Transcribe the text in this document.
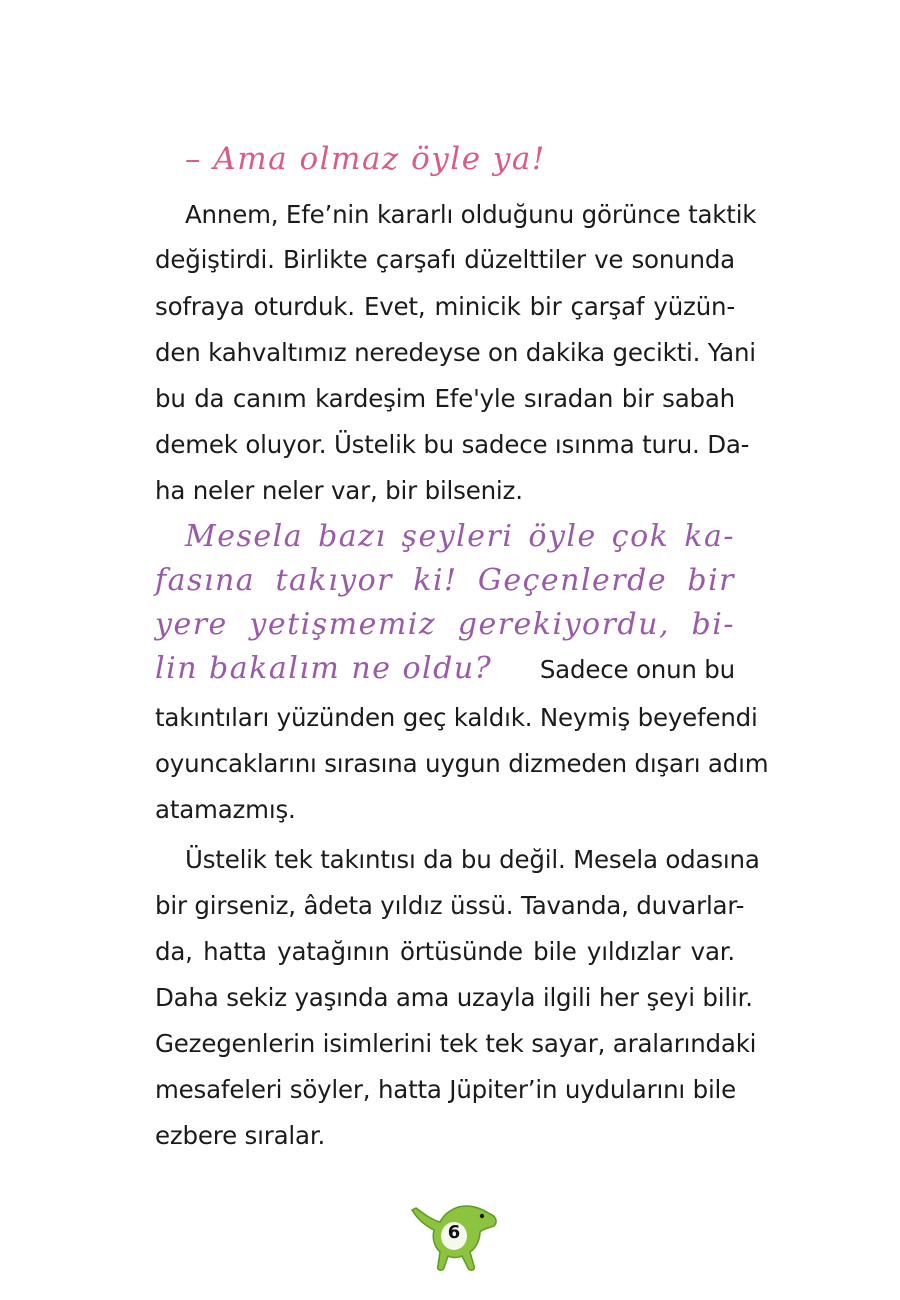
– Ama olmaz öyle ya!
Annem, Efe’nin kararlı olduğunu görünce taktik
değiştirdi. Birlikte çarşafı düzelttiler ve sonunda
sofraya oturduk. Evet, minicik bir çarşaf yüzün-
den kahvaltımız neredeyse on dakika gecikti. Yani
bu da canım kardeşim Efe'yle sıradan bir sabah
demek oluyor. Üstelik bu sadece ısınma turu. Da-
ha neler neler var, bir bilseniz.
Mesela bazı şeyleri öyle çok ka-
fasına takıyor ki! Geçenlerde bir
yere yetişmemiz gerekiyordu, bi-
lin bakalım ne oldu? Sadece onun bu
takıntıları yüzünden geç kaldık. Neymiş beyefendi
oyuncaklarını sırasına uygun dizmeden dışarı adım
atamazmış.
Üstelik tek takıntısı da bu değil. Mesela odasına
bir girseniz, âdeta yıldız üssü. Tavanda, duvarlar-
da, hatta yatağının örtüsünde bile yıldızlar var.
Daha sekiz yaşında ama uzayla ilgili her şeyi bilir.
Gezegenlerin isimlerini tek tek sayar, aralarındaki
mesafeleri söyler, hatta Jüpiter’in uydularını bile
ezbere sıralar.
6
